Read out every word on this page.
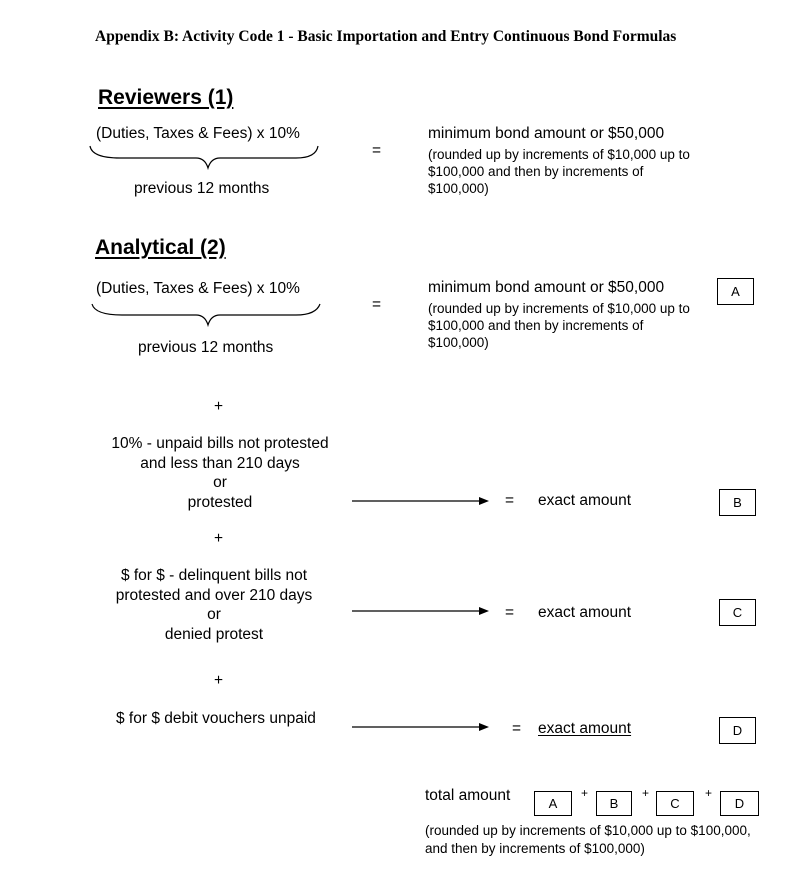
Appendix B: Activity Code 1 - Basic Importation and Entry Continuous Bond Formulas
Reviewers (1)
(Duties, Taxes & Fees) x 10%
previous 12 months
=
minimum bond amount or $50,000
(rounded up by increments of $10,000 up to
$100,000 and then by increments of
$100,000)
Analytical (2)
(Duties, Taxes & Fees) x 10%
previous 12 months
=
minimum bond amount or $50,000
(rounded up by increments of $10,000 up to
$100,000 and then by increments of
$100,000)
A
+
10% - unpaid bills not protested
and less than 210 days
or
protested	= exact amount	B
+
$ for $ - delinquent bills not
protested and over 210 days
or
denied protest
= exact amount	C
+
$ for $ debit vouchers unpaid
= exact amount	D
total amount	A
+
B
+
C
+
D
(rounded up by increments of $10,000 up to $100,000,
and then by increments of $100,000)
